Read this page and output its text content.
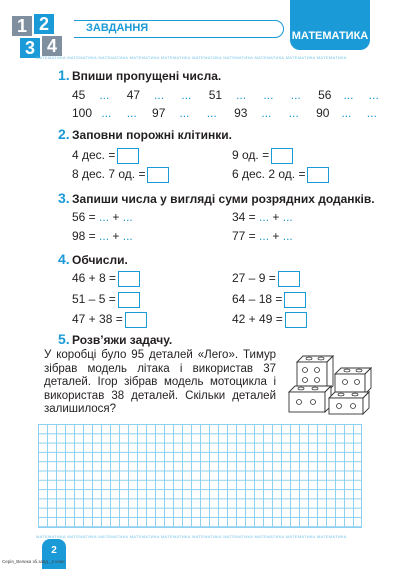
1 2
3 4
ЗАВДАННЯ
МАТЕМАТИКА
МАТЕМАТИКА МАТЕМАТИКА МАТЕМАТИКА МАТЕМАТИКА МАТЕМАТИКА МАТЕМАТИКА МАТЕМАТИКА МАТЕМАТИКА МАТЕМАТИКА МАТЕМАТИКА
1. Впиши пропущені числа.
45 ... 47 ... ... 51 ... ... ... 56 ... ...
100 ... ... 97 ... ... 93 ... ... 90 ... ...
2. Заповни порожні клітинки.
4 дес. =	9 од. =
8 дес. 7 од. =	6 дес. 2 од. =
3. Запиши числа у вигляді суми розрядних доданків.
56 = ... + ...	34 = ... + ...
98 = ... + ...	77 = ... + ...
4. Обчисли.
46 + 8 =	27 – 9 =
51 – 5 =	64 – 18 =
47 + 38 =	42 + 49 =
5. Розв’яжи задачу.
У коробці було 95 деталей «Лего». Тимур зібрав модель літака і використав 37 деталей. Ігор зібрав модель мотоцикла і використав 38 деталей. Скільки деталей залишилося?
МАТЕМАТИКА МАТЕМАТИКА МАТЕМАТИКА МАТЕМАТИКА МАТЕМАТИКА МАТЕМАТИКА МАТЕМАТИКА МАТЕМАТИКА МАТЕМАТИКА МАТЕМАТИКА
2
Серія_Велика зб.завд._1 клас
